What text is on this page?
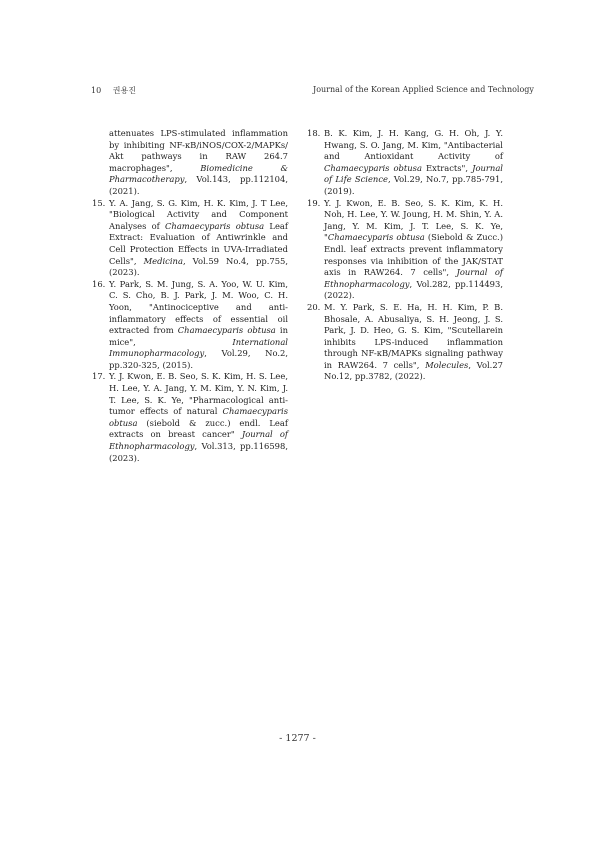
10 권용진	Journal of the Korean Applied Science and Technology
attenuates LPS-stimulated inflammation by inhibiting NF-κB/iNOS/COX-2/MAPKs/ Akt pathways in RAW 264.7 macrophages", Biomedicine & Pharmacotherapy, Vol.143, pp.112104, (2021).
15. Y. A. Jang, S. G. Kim, H. K. Kim, J. T Lee, "Biological Activity and Component Analyses of Chamaecyparis obtusa Leaf Extract: Evaluation of Antiwrinkle and Cell Protection Effects in UVA-Irradiated Cells", Medicina, Vol.59 No.4, pp.755, (2023).
16. Y. Park, S. M. Jung, S. A. Yoo, W. U. Kim, C. S. Cho, B. J. Park, J. M. Woo, C. H. Yoon, "Antinociceptive and anti-inflammatory effects of essential oil extracted from Chamaecyparis obtusa in mice", International Immunopharmacology, Vol.29, No.2, pp.320-325, (2015).
17. Y. J. Kwon, E. B. Seo, S. K. Kim, H. S. Lee, H. Lee, Y. A. Jang, Y. M. Kim, Y. N. Kim, J. T. Lee, S. K. Ye, "Pharmacological anti-tumor effects of natural Chamaecyparis obtusa (siebold & zucc.) endl. Leaf extracts on breast cancer" Journal of Ethnopharmacology, Vol.313, pp.116598, (2023).
18. B. K. Kim, J. H. Kang, G. H. Oh, J. Y. Hwang, S. O. Jang, M. Kim, "Antibacterial and Antioxidant Activity of Chamaecyparis obtusa Extracts", Journal of Life Science, Vol.29, No.7, pp.785-791, (2019).
19. Y. J. Kwon, E. B. Seo, S. K. Kim, K. H. Noh, H. Lee, Y. W. Joung, H. M. Shin, Y. A. Jang, Y. M. Kim, J. T. Lee, S. K. Ye, "Chamaecyparis obtusa (Siebold & Zucc.) Endl. leaf extracts prevent inflammatory responses via inhibition of the JAK/STAT axis in RAW264. 7 cells", Journal of Ethnopharmacology, Vol.282, pp.114493, (2022).
20. M. Y. Park, S. E. Ha, H. H. Kim, P. B. Bhosale, A. Abusaliya, S. H. Jeong, J. S. Park, J. D. Heo, G. S. Kim, "Scutellarein inhibits LPS-induced inflammation through NF-κB/MAPKs signaling pathway in RAW264. 7 cells", Molecules, Vol.27 No.12, pp.3782, (2022).
- 1277 -
